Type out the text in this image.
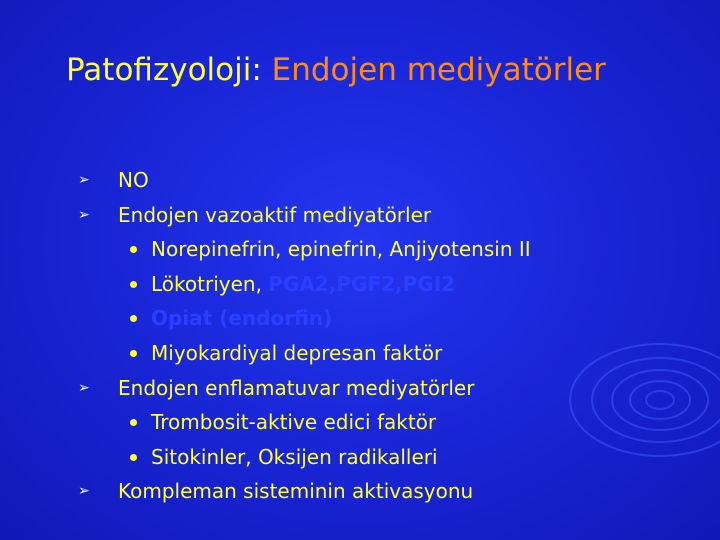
Patofizyoloji: Endojen mediyatörler
➢ NO
➢ Endojen vazoaktif mediyatörler
Norepinefrin, epinefrin, Anjiyotensin II
Lökotriyen, PGA2,PGF2,PGI2
Opiat (endorfin)
Miyokardiyal depresan faktör
➢ Endojen enflamatuvar mediyatörler
Trombosit-aktive edici faktör
Sitokinler, Oksijen radikalleri
➢ Kompleman sisteminin aktivasyonu
